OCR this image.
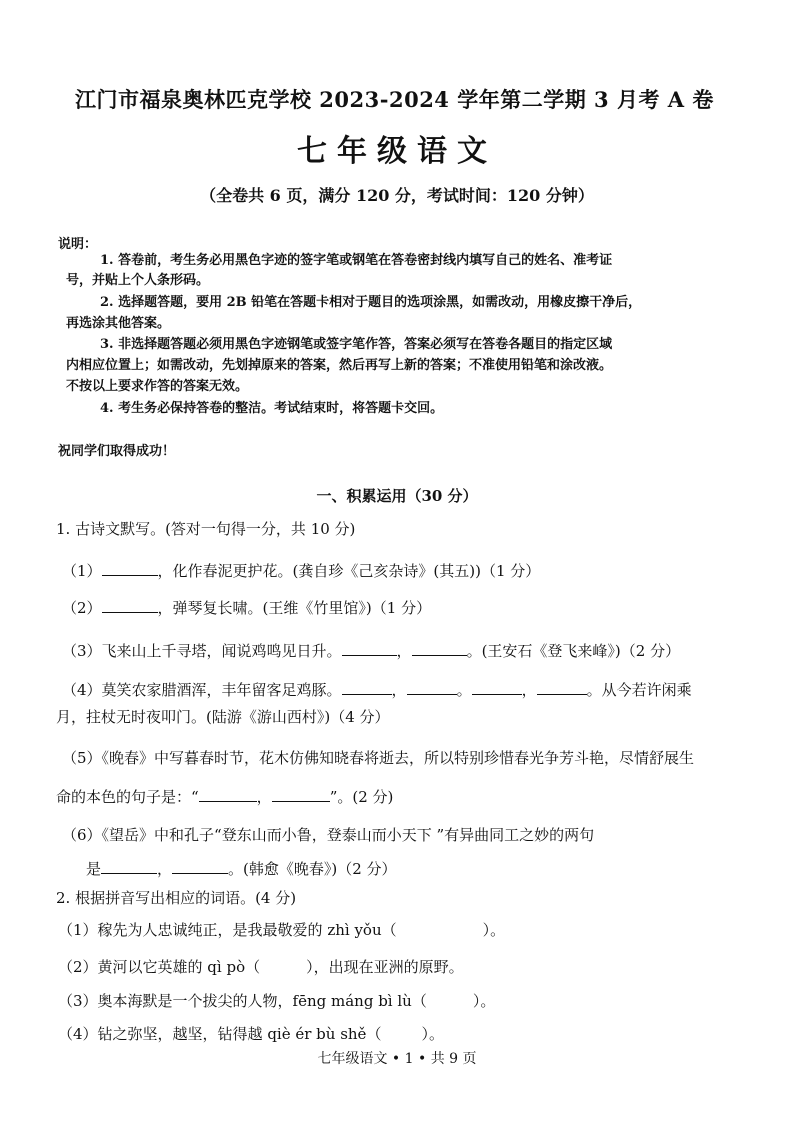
江门市福泉奥林匹克学校 2023-2024 学年第二学期 3 月考 A 卷
七年级语文
（全卷共 6 页，满分 120 分，考试时间：120 分钟）
说明：
1. 答卷前，考生务必用黑色字迹的签字笔或钢笔在答卷密封线内填写自己的姓名、准考证
号，并贴上个人条形码。
2. 选择题答题，要用 2B 铅笔在答题卡相对于题目的选项涂黑，如需改动，用橡皮擦干净后，
再选涂其他答案。
3. 非选择题答题必须用黑色字迹钢笔或签字笔作答，答案必须写在答卷各题目的指定区域
内相应位置上；如需改动，先划掉原来的答案，然后再写上新的答案；不准使用铅笔和涂改液。
不按以上要求作答的答案无效。
4. 考生务必保持答卷的整洁。考试结束时，将答题卡交回。
祝同学们取得成功！
一、积累运用（30 分）
1. 古诗文默写。(答对一句得一分，共 10 分)
（1）	，化作春泥更护花。(龚自珍《己亥杂诗》(其五))（1 分）
（2）	，弹琴复长啸。(王维《竹里馆》)（1 分）
（3）飞来山上千寻塔，闻说鸡鸣见日升。	，	。(王安石《登飞来峰》)（2 分）
（4）莫笑农家腊酒浑，丰年留客足鸡豚。	，	。	，	。从今若许闲乘
月，拄杖无时夜叩门。(陆游《游山西村》)（4 分）
（5）《晚春》中写暮春时节，花木仿佛知晓春将逝去，所以特别珍惜春光争芳斗艳，尽情舒展生
命的本色的句子是：“	，	”。(2 分)
（6）《望岳》中和孔子“登东山而小鲁，登泰山而小天下 ”有异曲同工之妙的两句
是	，	。(韩愈《晚春》)（2 分）
2. 根据拼音写出相应的词语。(4 分)
（1）稼先为人忠诚纯正，是我最敬爱的 zhì yǒu（	）。
（2）黄河以它英雄的 qì pò（	），出现在亚洲的原野。
（3）奥本海默是一个拔尖的人物，fēng máng bì lù（	）。
（4）钻之弥坚，越坚，钻得越 qiè ér bù shě（	）。
七年级语文 • 1 • 共 9 页
